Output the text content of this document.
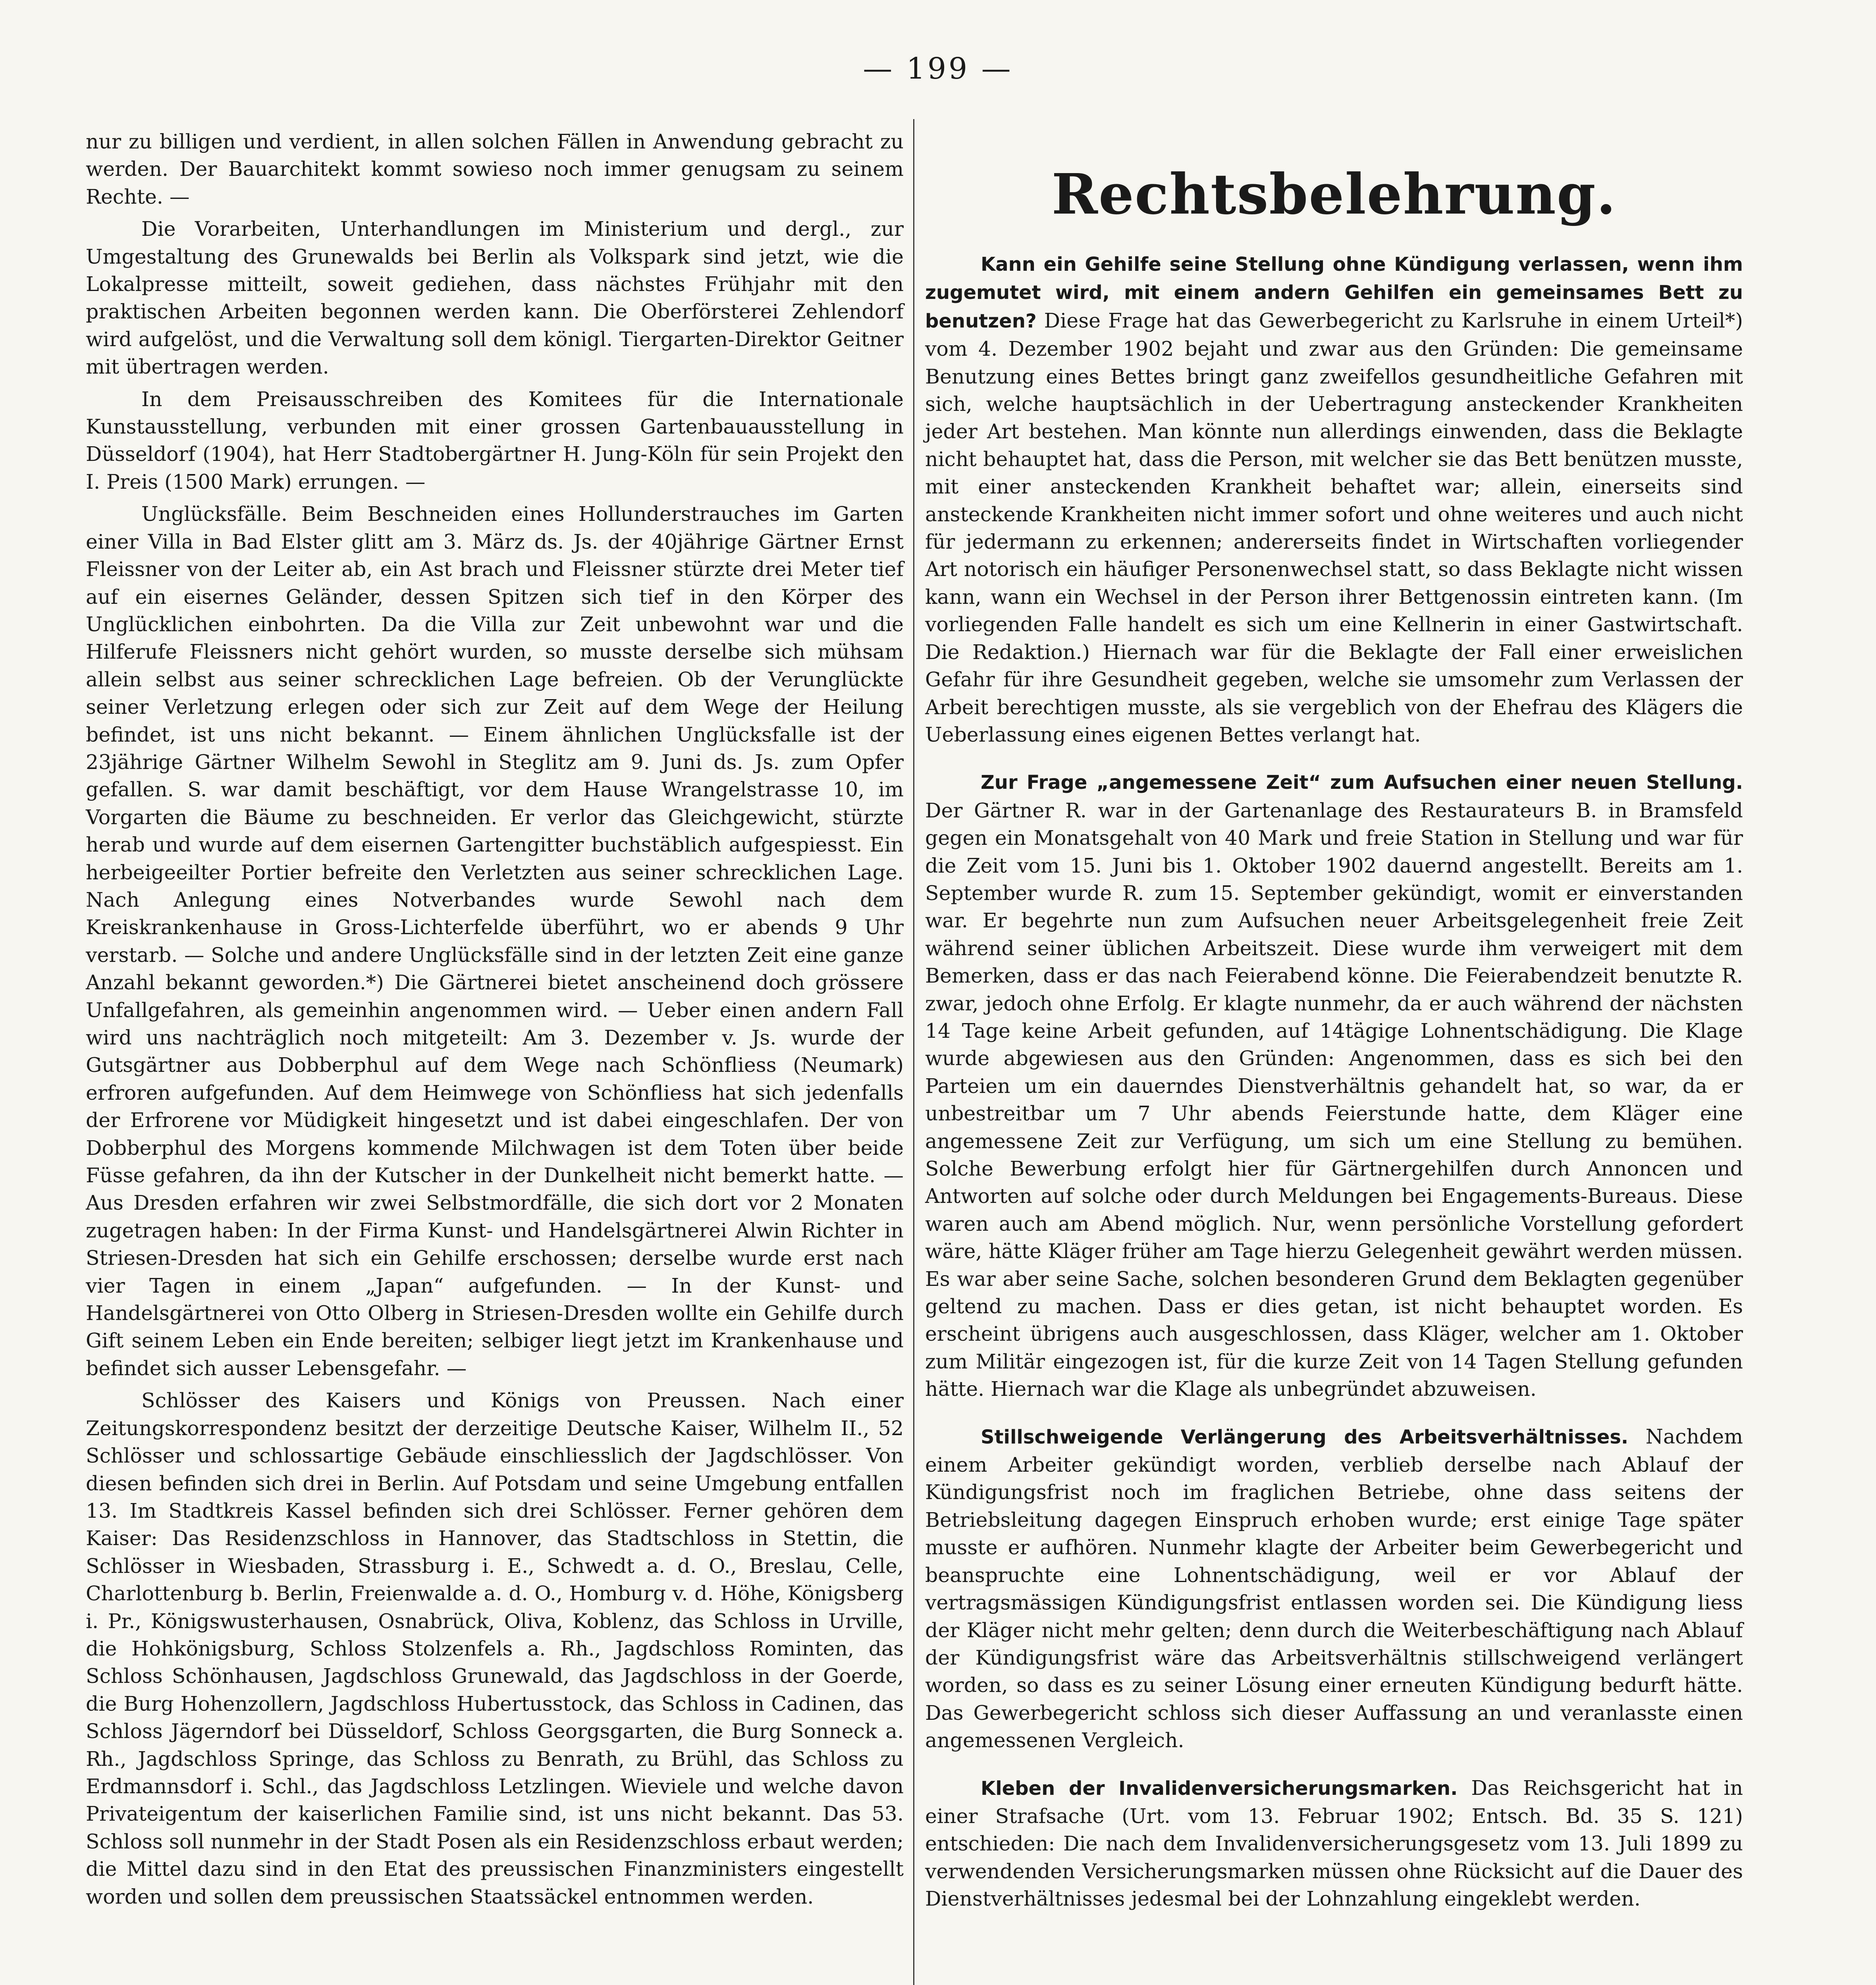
— 199 —

nur zu billigen und verdient, in allen solchen Fällen in Anwendung gebracht zu werden. Der Bauarchitekt kommt sowieso noch immer genugsam zu seinem Rechte. —

Die Vorarbeiten, Unterhandlungen im Ministerium und dergl., zur Umgestaltung des Grunewalds bei Berlin als Volkspark sind jetzt, wie die Lokalpresse mitteilt, soweit gediehen, dass nächstes Frühjahr mit den praktischen Arbeiten begonnen werden kann. Die Oberförsterei Zehlendorf wird aufgelöst, und die Verwaltung soll dem königl. Tiergarten-Direktor Geitner mit übertragen werden.

In dem Preisausschreiben des Komitees für die Internationale Kunstausstellung, verbunden mit einer grossen Gartenbauausstellung in Düsseldorf (1904), hat Herr Stadtobergärtner H. Jung-Köln für sein Projekt den I. Preis (1500 Mark) errungen. —

Unglücksfälle. Beim Beschneiden eines Hollunderstrauches im Garten einer Villa in Bad Elster glitt am 3. März ds. Js. der 40jährige Gärtner Ernst Fleissner von der Leiter ab, ein Ast brach und Fleissner stürzte drei Meter tief auf ein eisernes Geländer, dessen Spitzen sich tief in den Körper des Unglücklichen einbohrten. Da die Villa zur Zeit unbewohnt war und die Hilferufe Fleissners nicht gehört wurden, so musste derselbe sich mühsam allein selbst aus seiner schrecklichen Lage befreien. Ob der Verunglückte seiner Verletzung erlegen oder sich zur Zeit auf dem Wege der Heilung befindet, ist uns nicht bekannt. — Einem ähnlichen Unglücksfalle ist der 23jährige Gärtner Wilhelm Sewohl in Steglitz am 9. Juni ds. Js. zum Opfer gefallen. S. war damit beschäftigt, vor dem Hause Wrangelstrasse 10, im Vorgarten die Bäume zu beschneiden. Er verlor das Gleichgewicht, stürzte herab und wurde auf dem eisernen Gartengitter buchstäblich aufgespiesst. Ein herbeigeeilter Portier befreite den Verletzten aus seiner schrecklichen Lage. Nach Anlegung eines Notverbandes wurde Sewohl nach dem Kreiskrankenhause in Gross-Lichterfelde überführt, wo er abends 9 Uhr verstarb. — Solche und andere Unglücksfälle sind in der letzten Zeit eine ganze Anzahl bekannt geworden.*) Die Gärtnerei bietet anscheinend doch grössere Unfallgefahren, als gemeinhin angenommen wird. — Ueber einen andern Fall wird uns nachträglich noch mitgeteilt: Am 3. Dezember v. Js. wurde der Gutsgärtner aus Dobberphul auf dem Wege nach Schönfliess (Neumark) erfroren aufgefunden. Auf dem Heimwege von Schönfliess hat sich jedenfalls der Erfrorene vor Müdigkeit hingesetzt und ist dabei eingeschlafen. Der von Dobberphul des Morgens kommende Milchwagen ist dem Toten über beide Füsse gefahren, da ihn der Kutscher in der Dunkelheit nicht bemerkt hatte. — Aus Dresden erfahren wir zwei Selbstmordfälle, die sich dort vor 2 Monaten zugetragen haben: In der Firma Kunst- und Handelsgärtnerei Alwin Richter in Striesen-Dresden hat sich ein Gehilfe erschossen; derselbe wurde erst nach vier Tagen in einem „Japan“ aufgefunden. — In der Kunst- und Handelsgärtnerei von Otto Olberg in Striesen-Dresden wollte ein Gehilfe durch Gift seinem Leben ein Ende bereiten; selbiger liegt jetzt im Krankenhause und befindet sich ausser Lebensgefahr. —

Schlösser des Kaisers und Königs von Preussen. Nach einer Zeitungskorrespondenz besitzt der derzeitige Deutsche Kaiser, Wilhelm II., 52 Schlösser und schlossartige Gebäude einschliesslich der Jagdschlösser. Von diesen befinden sich drei in Berlin. Auf Potsdam und seine Umgebung entfallen 13. Im Stadtkreis Kassel befinden sich drei Schlösser. Ferner gehören dem Kaiser: Das Residenzschloss in Hannover, das Stadtschloss in Stettin, die Schlösser in Wiesbaden, Strassburg i. E., Schwedt a. d. O., Breslau, Celle, Charlottenburg b. Berlin, Freienwalde a. d. O., Homburg v. d. Höhe, Königsberg i. Pr., Königswusterhausen, Osnabrück, Oliva, Koblenz, das Schloss in Urville, die Hohkönigsburg, Schloss Stolzenfels a. Rh., Jagdschloss Rominten, das Schloss Schönhausen, Jagdschloss Grunewald, das Jagdschloss in der Goerde, die Burg Hohenzollern, Jagdschloss Hubertusstock, das Schloss in Cadinen, das Schloss Jägerndorf bei Düsseldorf, Schloss Georgsgarten, die Burg Sonneck a. Rh., Jagdschloss Springe, das Schloss zu Benrath, zu Brühl, das Schloss zu Erdmannsdorf i. Schl., das Jagdschloss Letzlingen. Wieviele und welche davon Privateigentum der kaiserlichen Familie sind, ist uns nicht bekannt. Das 53. Schloss soll nunmehr in der Stadt Posen als ein Residenzschloss erbaut werden; die Mittel dazu sind in den Etat des preussischen Finanzministers eingestellt worden und sollen dem preussischen Staatssäckel entnommen werden.

Rechtsbelehrung.

Kann ein Gehilfe seine Stellung ohne Kündigung verlassen, wenn ihm zugemutet wird, mit einem andern Gehilfen ein gemeinsames Bett zu benutzen? Diese Frage hat das Gewerbegericht zu Karlsruhe in einem Urteil*) vom 4. Dezember 1902 bejaht und zwar aus den Gründen: Die gemeinsame Benutzung eines Bettes bringt ganz zweifellos gesundheitliche Gefahren mit sich, welche hauptsächlich in der Uebertragung ansteckender Krankheiten jeder Art bestehen. Man könnte nun allerdings einwenden, dass die Beklagte nicht behauptet hat, dass die Person, mit welcher sie das Bett benützen musste, mit einer ansteckenden Krankheit behaftet war; allein, einerseits sind ansteckende Krankheiten nicht immer sofort und ohne weiteres und auch nicht für jedermann zu erkennen; andererseits findet in Wirtschaften vorliegender Art notorisch ein häufiger Personenwechsel statt, so dass Beklagte nicht wissen kann, wann ein Wechsel in der Person ihrer Bettgenossin eintreten kann. (Im vorliegenden Falle handelt es sich um eine Kellnerin in einer Gastwirtschaft. Die Redaktion.) Hiernach war für die Beklagte der Fall einer erweislichen Gefahr für ihre Gesundheit gegeben, welche sie umsomehr zum Verlassen der Arbeit berechtigen musste, als sie vergeblich von der Ehefrau des Klägers die Ueberlassung eines eigenen Bettes verlangt hat.

Zur Frage „angemessene Zeit“ zum Aufsuchen einer neuen Stellung. Der Gärtner R. war in der Gartenanlage des Restaurateurs B. in Bramsfeld gegen ein Monatsgehalt von 40 Mark und freie Station in Stellung und war für die Zeit vom 15. Juni bis 1. Oktober 1902 dauernd angestellt. Bereits am 1. September wurde R. zum 15. September gekündigt, womit er einverstanden war. Er begehrte nun zum Aufsuchen neuer Arbeitsgelegenheit freie Zeit während seiner üblichen Arbeitszeit. Diese wurde ihm verweigert mit dem Bemerken, dass er das nach Feierabend könne. Die Feierabendzeit benutzte R. zwar, jedoch ohne Erfolg. Er klagte nunmehr, da er auch während der nächsten 14 Tage keine Arbeit gefunden, auf 14tägige Lohnentschädigung. Die Klage wurde abgewiesen aus den Gründen: Angenommen, dass es sich bei den Parteien um ein dauerndes Dienstverhältnis gehandelt hat, so war, da er unbestreitbar um 7 Uhr abends Feierstunde hatte, dem Kläger eine angemessene Zeit zur Verfügung, um sich um eine Stellung zu bemühen. Solche Bewerbung erfolgt hier für Gärtnergehilfen durch Annoncen und Antworten auf solche oder durch Meldungen bei Engagements-Bureaus. Diese waren auch am Abend möglich. Nur, wenn persönliche Vorstellung gefordert wäre, hätte Kläger früher am Tage hierzu Gelegenheit gewährt werden müssen. Es war aber seine Sache, solchen besonderen Grund dem Beklagten gegenüber geltend zu machen. Dass er dies getan, ist nicht behauptet worden. Es erscheint übrigens auch ausgeschlossen, dass Kläger, welcher am 1. Oktober zum Militär eingezogen ist, für die kurze Zeit von 14 Tagen Stellung gefunden hätte. Hiernach war die Klage als unbegründet abzuweisen.

Stillschweigende Verlängerung des Arbeitsverhältnisses. Nachdem einem Arbeiter gekündigt worden, verblieb derselbe nach Ablauf der Kündigungsfrist noch im fraglichen Betriebe, ohne dass seitens der Betriebsleitung dagegen Einspruch erhoben wurde; erst einige Tage später musste er aufhören. Nunmehr klagte der Arbeiter beim Gewerbegericht und beanspruchte eine Lohnentschädigung, weil er vor Ablauf der vertragsmässigen Kündigungsfrist entlassen worden sei. Die Kündigung liess der Kläger nicht mehr gelten; denn durch die Weiterbeschäftigung nach Ablauf der Kündigungsfrist wäre das Arbeitsverhältnis stillschweigend verlängert worden, so dass es zu seiner Lösung einer erneuten Kündigung bedurft hätte. Das Gewerbegericht schloss sich dieser Auffassung an und veranlasste einen angemessenen Vergleich.

Kleben der Invalidenversicherungsmarken. Das Reichsgericht hat in einer Strafsache (Urt. vom 13. Februar 1902; Entsch. Bd. 35 S. 121) entschieden: Die nach dem Invalidenversicherungsgesetz vom 13. Juli 1899 zu verwendenden Versicherungsmarken müssen ohne Rücksicht auf die Dauer des Dienstverhältnisses jedesmal bei der Lohnzahlung eingeklebt werden.
